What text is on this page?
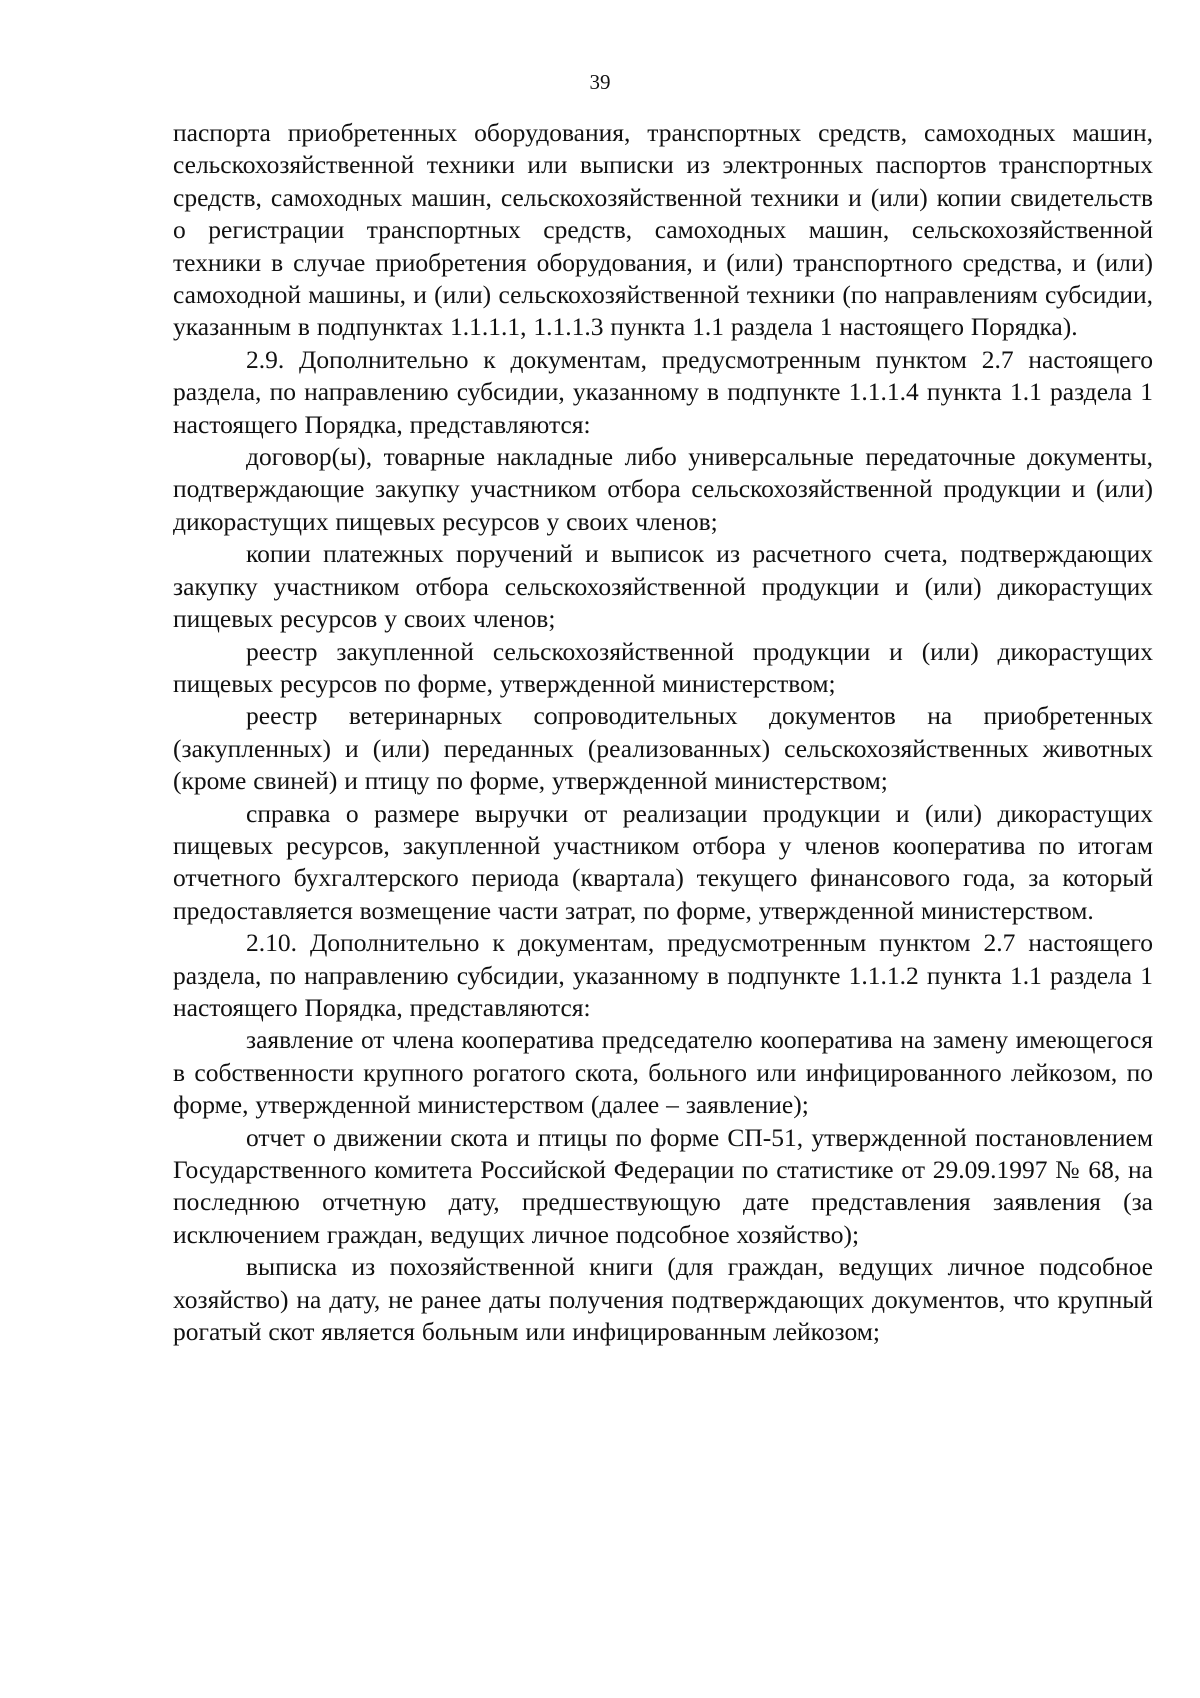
39

паспорта приобретенных оборудования, транспортных средств, самоходных машин, сельскохозяйственной техники или выписки из электронных паспортов транспортных средств, самоходных машин, сельскохозяйственной техники и (или) копии свидетельств о регистрации транспортных средств, самоходных машин, сельскохозяйственной техники в случае приобретения оборудования, и (или) транспортного средства, и (или) самоходной машины, и (или) сельскохозяйственной техники (по направлениям субсидии, указанным в подпунктах 1.1.1.1, 1.1.1.3 пункта 1.1 раздела 1 настоящего Порядка).

2.9. Дополнительно к документам, предусмотренным пунктом 2.7 настоящего раздела, по направлению субсидии, указанному в подпункте 1.1.1.4 пункта 1.1 раздела 1 настоящего Порядка, представляются:

договор(ы), товарные накладные либо универсальные передаточные документы, подтверждающие закупку участником отбора сельскохозяйственной продукции и (или) дикорастущих пищевых ресурсов у своих членов;

копии платежных поручений и выписок из расчетного счета, подтверждающих закупку участником отбора сельскохозяйственной продукции и (или) дикорастущих пищевых ресурсов у своих членов;

реестр закупленной сельскохозяйственной продукции и (или) дикорастущих пищевых ресурсов по форме, утвержденной министерством;

реестр ветеринарных сопроводительных документов на приобретенных (закупленных) и (или) переданных (реализованных) сельскохозяйственных животных (кроме свиней) и птицу по форме, утвержденной министерством;

справка о размере выручки от реализации продукции и (или) дикорастущих пищевых ресурсов, закупленной участником отбора у членов кооператива по итогам отчетного бухгалтерского периода (квартала) текущего финансового года, за который предоставляется возмещение части затрат, по форме, утвержденной министерством.

2.10. Дополнительно к документам, предусмотренным пунктом 2.7 настоящего раздела, по направлению субсидии, указанному в подпункте 1.1.1.2 пункта 1.1 раздела 1 настоящего Порядка, представляются:

заявление от члена кооператива председателю кооператива на замену имеющегося в собственности крупного рогатого скота, больного или инфицированного лейкозом, по форме, утвержденной министерством (далее – заявление);

отчет о движении скота и птицы по форме СП-51, утвержденной постановлением Государственного комитета Российской Федерации по статистике от 29.09.1997 № 68, на последнюю отчетную дату, предшествующую дате представления заявления (за исключением граждан, ведущих личное подсобное хозяйство);

выписка из похозяйственной книги (для граждан, ведущих личное подсобное хозяйство) на дату, не ранее даты получения подтверждающих документов, что крупный рогатый скот является больным или инфицированным лейкозом;
